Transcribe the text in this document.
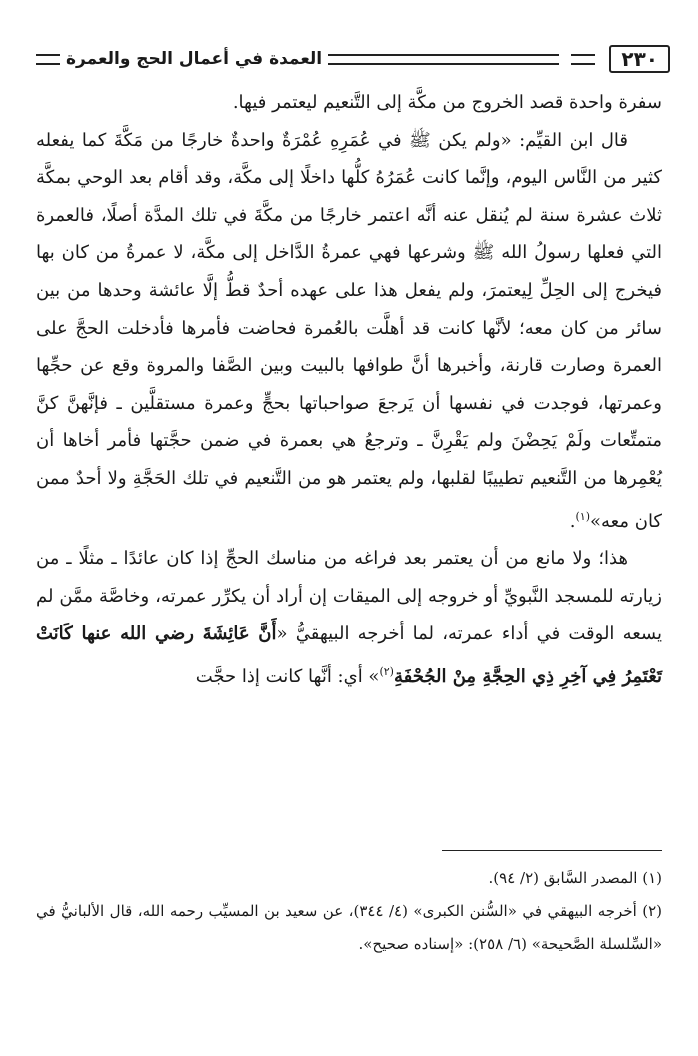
٢٣٠
العمدة في أعمال الحج والعمرة

سفرة واحدة قصد الخروج من مكَّة إلى التَّنعيم ليعتمر فيها.

قال ابن القيِّم: «ولم يكن ﷺ في عُمَرِهِ عُمْرَةٌ واحدةٌ خارجًا من مَكَّةَ كما يفعله كثير من النَّاس اليوم، وإنَّما كانت عُمَرُهُ كلُّها داخلًا إلى مكَّة، وقد أقام بعد الوحي بمكَّة ثلاث عشرة سنة لم يُنقل عنه أنَّه اعتمر خارجًا من مكَّةَ في تلك المدَّة أصلًا، فالعمرة التي فعلها رسولُ الله ﷺ وشرعها فهي عمرةُ الدَّاخل إلى مكَّة، لا عمرةُ من كان بها فيخرج إلى الحِلِّ لِيعتمرَ، ولم يفعل هذا على عهده أحدٌ قطُّ إلَّا عائشة وحدها من بين سائر من كان معه؛ لأنَّها كانت قد أهلَّت بالعُمرة فحاضت فأمرها فأدخلت الحجَّ على العمرة وصارت قارنة، وأخبرها أنَّ طوافها بالبيت وبين الصَّفا والمروة وقع عن حجِّها وعمرتها، فوجدت في نفسها أن يَرجعَ صواحباتها بحجٍّ وعمرة مستقلَّين ـ فإنَّهنَّ كنَّ متمتِّعات ولَمْ يَحِضْنَ ولم يَقْرِنَّ ـ وترجعُ هي بعمرة في ضمن حجَّتها فأمر أخاها أن يُعْمِرها من التَّنعيم تطييبًا لقلبها، ولم يعتمر هو من التَّنعيم في تلك الحَجَّةِ ولا أحدٌ ممن كان معه»$^{(١)}$.

هذا؛ ولا مانع من أن يعتمر بعد فراغه من مناسك الحجِّ إذا كان عائدًا ـ مثلًا ـ من زيارته للمسجد النَّبويِّ أو خروجه إلى الميقات إن أراد أن يكرِّر عمرته، وخاصَّة ممَّن لم يسعه الوقت في أداء عمرته، لما أخرجه البيهقيُّ «أَنَّ عَائِشَةَ رضي الله عنها كَانَتْ تَعْتَمِرُ فِي آخِرِ ذِي الحِجَّةِ مِنْ الجُحْفَةِ$^{(٢)}$» أي: أنَّها كانت إذا حجَّت

(١) المصدر السَّابق (٢/ ٩٤).

(٢) أخرجه البيهقي في «السُّنن الكبرى» (٤/ ٣٤٤)، عن سعيد بن المسيِّب رحمه الله، قال الألبانيُّ في «السِّلسلة الصَّحيحة» (٦/ ٢٥٨): «إسناده صحيح».
